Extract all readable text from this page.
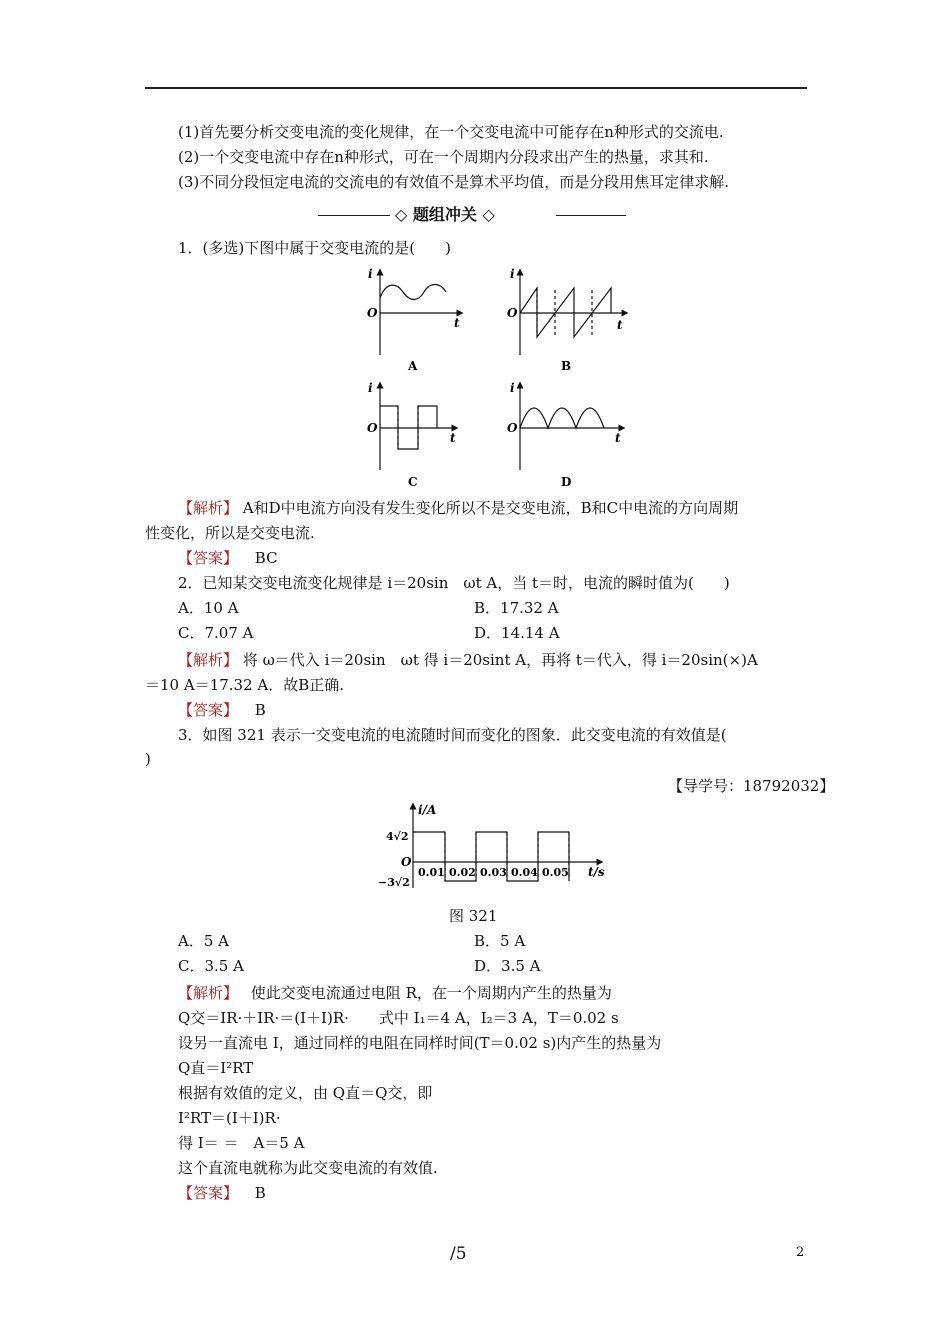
(1)首先要分析交变电流的变化规律，在一个交变电流中可能存在n种形式的交流电.
(2)一个交变电流中存在n种形式，可在一个周期内分段求出产生的热量，求其和.
(3)不同分段恒定电流的交流电的有效值不是算术平均值，而是分段用焦耳定律求解.
◇ 题组冲关 ◇
1．(多选)下图中属于交变电流的是(　　)
i
O
t
A
i
O
t
B
i
O
t
C
i
O
t
D
【解析】 A和D中电流方向没有发生变化所以不是交变电流，B和C中电流的方向周期
性变化，所以是交变电流.
【答案】 BC
2．已知某交变电流变化规律是 i＝20sin　ωt A，当 t＝时，电流的瞬时值为(　　)
A．10 A	B．17.32 A
C．7.07 A	D．14.14 A
【解析】 将 ω＝代入 i＝20sin　ωt 得 i＝20sint A，再将 t＝代入，得 i＝20sin(×)A
＝10 A＝17.32 A．故B正确.
【答案】 B
3．如图 321 表示一交变电流的电流随时间而变化的图象．此交变电流的有效值是(
)
【导学号：18792032】
i/A
4√2
O
−3√2
0.01 0.02 0.03 0.04 0.05 t/s
图 321
A．5 A	B．5 A
C．3.5 A	D．3.5 A
【解析】 使此交变电流通过电阻 R，在一个周期内产生的热量为
Q交＝IR·＋IR·＝(I＋I)R·　　式中 I₁＝4 A，I₂＝3 A，T＝0.02 s
设另一直流电 I，通过同样的电阻在同样时间(T＝0.02 s)内产生的热量为
Q直＝I²RT
根据有效值的定义，由 Q直＝Q交，即
I²RT＝(I＋I)R·
得 I＝ ＝　A＝5 A
这个直流电就称为此交变电流的有效值.
【答案】 B
/5	2
